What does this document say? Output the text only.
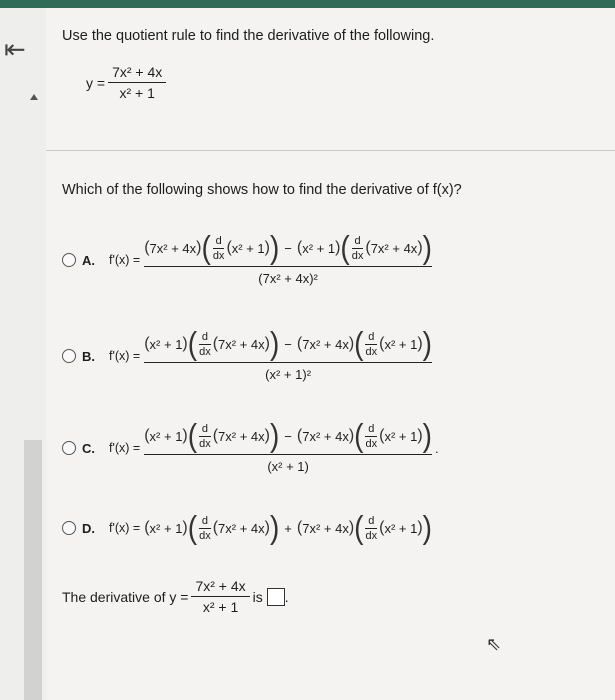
⇤ Use the quotient rule to find the derivative of the following.
$y = \frac{\text{7x² + 4x}}{\text{x² + 1}}$
Which of the following shows how to find the derivative of f(x)?
A. f'(x) =
( 7x² + 4x ) ( d
dx ( x² + 1 ) ) − ( x² + 1 ) ( d
dx ( 7x² + 4x ) )
(7x² + 4x)²
B. f'(x) =
( x² + 1 ) ( d
dx ( 7x² + 4x ) ) − ( 7x² + 4x ) ( d
dx ( x² + 1 ) )
(x² + 1)²
C. f'(x) =
( x² + 1 ) ( d
dx ( 7x² + 4x ) ) − ( 7x² + 4x ) ( d
dx ( x² + 1 ) )
(x² + 1)
.
D. f'(x) = ( x² + 1 ) ( d
dx ( 7x² + 4x ) ) + ( 7x² + 4x ) ( d
dx ( x² + 1 ) )
The derivative of $y = \frac{\text{7x² + 4x}}{\text{x² + 1}}$ is .
⇖
